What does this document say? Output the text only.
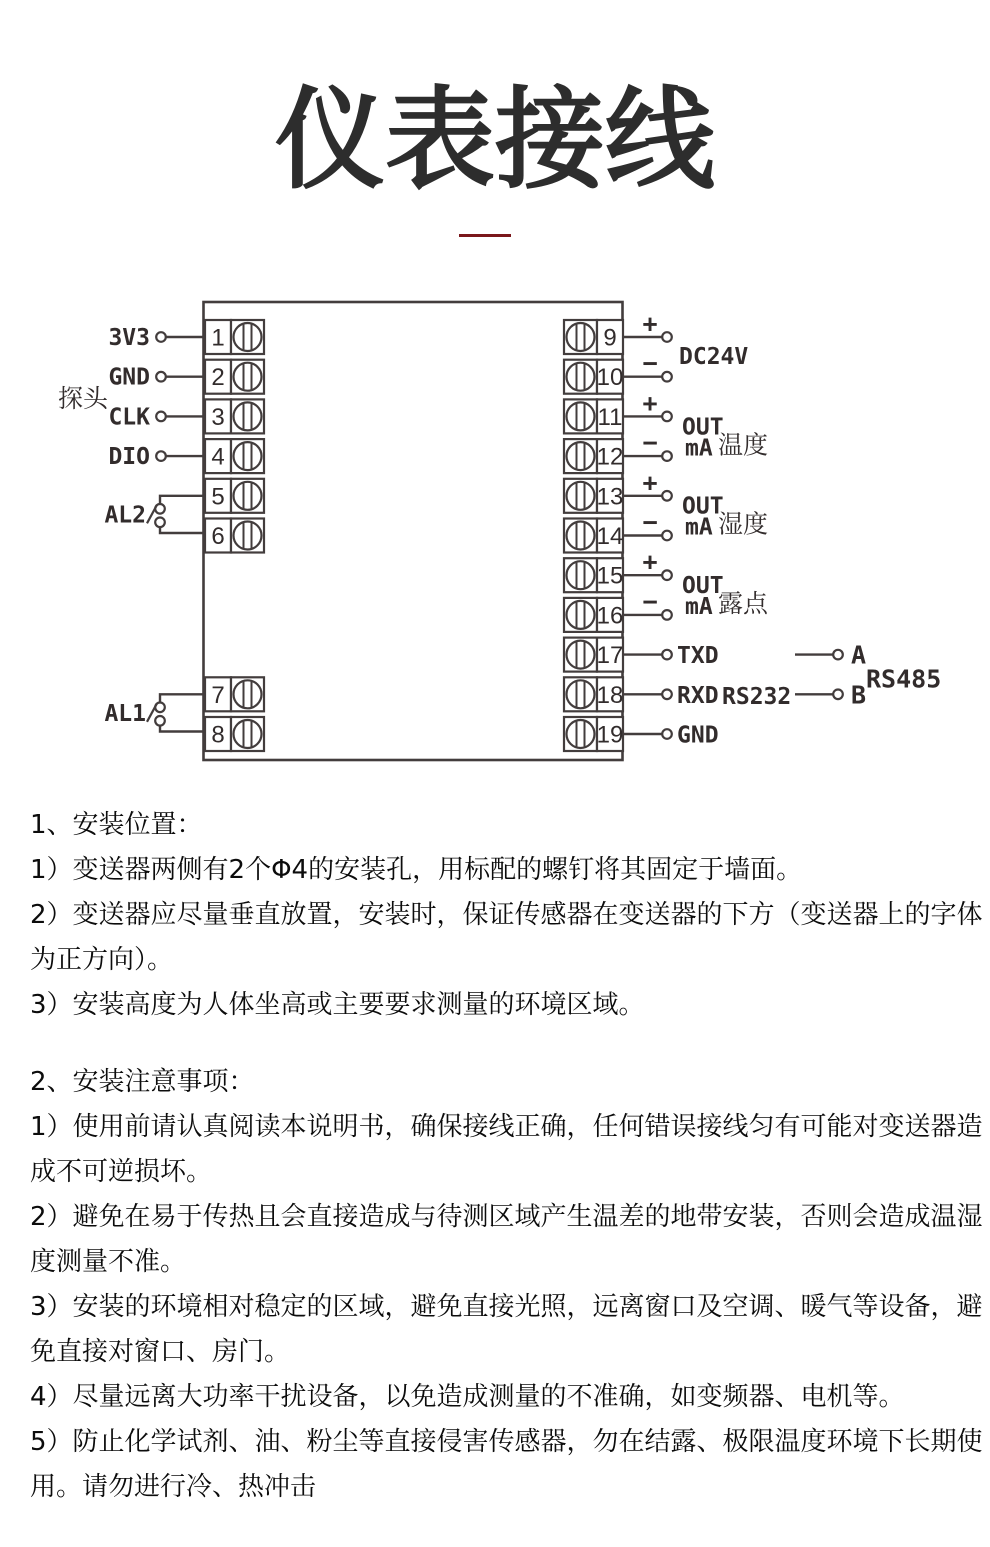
仪表接线
1
3V3
2
GND
3
CLK
4
DIO
5
6
7
8
探头
AL2
AL1
9 +
10 −
11 +
12 −
13 +
14 −
15 +
16 −
17 TXD
18 RXD
19 GND
DC24V
OUT
mA 温度
OUT
mA 湿度
OUT
mA 露点
RS232
A
B
RS485
1、安装位置：
1）变送器两侧有2个Φ4的安装孔，用标配的螺钉将其固定于墙面。
2）变送器应尽量垂直放置，安装时，保证传感器在变送器的下方（变送器上的字体
为正方向）。
3）安装高度为人体坐高或主要要求测量的环境区域。
2、安装注意事项：
1）使用前请认真阅读本说明书，确保接线正确，任何错误接线匀有可能对变送器造
成不可逆损坏。
2）避免在易于传热且会直接造成与待测区域产生温差的地带安装，否则会造成温湿
度测量不准。
3）安装的环境相对稳定的区域，避免直接光照，远离窗口及空调、暖气等设备，避
免直接对窗口、房门。
4）尽量远离大功率干扰设备，以免造成测量的不准确，如变频器、电机等。
5）防止化学试剂、油、粉尘等直接侵害传感器，勿在结露、极限温度环境下长期使
用。请勿进行冷、热冲击
